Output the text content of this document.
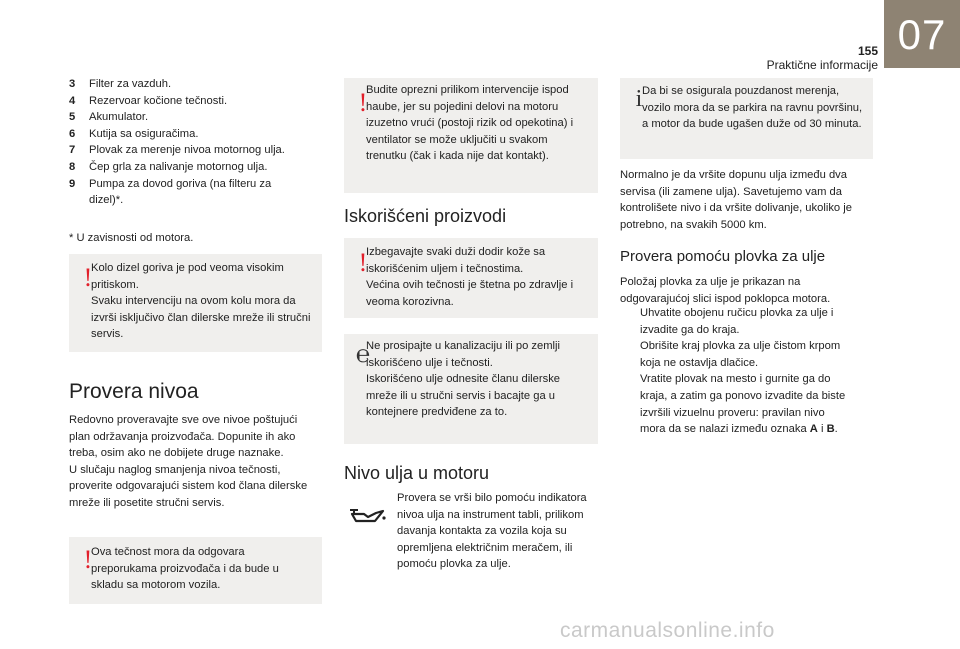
07
155
Praktične informacije
3	Filter za vazduh.
4	Rezervoar kočione tečnosti.
5	Akumulator.
6	Kutija sa osiguračima.
7	Plovak za merenje nivoa motornog ulja.
8	Čep grla za nalivanje motornog ulja.
9	Pumpa za dovod goriva (na filteru za dizel)*.
* U zavisnosti od motora.
!
Kolo dizel goriva je pod veoma visokim pritiskom.
Svaku intervenciju na ovom kolu mora da izvrši isključivo član dilerske mreže ili stručni servis.
Provera nivoa
Redovno proveravajte sve ove nivoe poštujući plan održavanja proizvođača. Dopunite ih ako treba, osim ako ne dobijete druge naznake.
U slučaju naglog smanjenja nivoa tečnosti, proverite odgovarajući sistem kod člana dilerske mreže ili posetite stručni servis.
!
Ova tečnost mora da odgovara preporukama proizvođača i da bude u skladu sa motorom vozila.
!
Budite oprezni prilikom intervencije ispod haube, jer su pojedini delovi na motoru izuzetno vrući (postoji rizik od opekotina) i ventilator se može uključiti u svakom trenutku (čak i kada nije dat kontakt).
Iskorišćeni proizvodi
!
Izbegavajte svaki duži dodir kože sa iskorišćenim uljem i tečnostima.
Većina ovih tečnosti je štetna po zdravlje i veoma korozivna.
℮
Ne prosipajte u kanalizaciju ili po zemlji iskorišćeno ulje i tečnosti.
Iskorišćeno ulje odnesite članu dilerske mreže ili u stručni servis i bacajte ga u kontejnere predviđene za to.
Nivo ulja u motoru
Provera se vrši bilo pomoću indikatora nivoa ulja na instrument tabli, prilikom davanja kontakta za vozila koja su opremljena električnim meračem, ili pomoću plovka za ulje.
i Da bi se osigurala pouzdanost merenja, vozilo mora da se parkira na ravnu površinu, a motor da bude ugašen duže od 30 minuta.
Normalno je da vršite dopunu ulja između dva servisa (ili zamene ulja). Savetujemo vam da kontrolišete nivo i da vršite dolivanje, ukoliko je potrebno, na svakih 5000 km.
Provera pomoću plovka za ulje
Položaj plovka za ulje je prikazan na odgovarajućoj slici ispod poklopca motora.
Uhvatite obojenu ručicu plovka za ulje i izvadite ga do kraja.
Obrišite kraj plovka za ulje čistom krpom koja ne ostavlja dlačice.
Vratite plovak na mesto i gurnite ga do kraja, a zatim ga ponovo izvadite da biste izvršili vizuelnu proveru: pravilan nivo mora da se nalazi između oznaka A i B.
carmanualsonline.info
